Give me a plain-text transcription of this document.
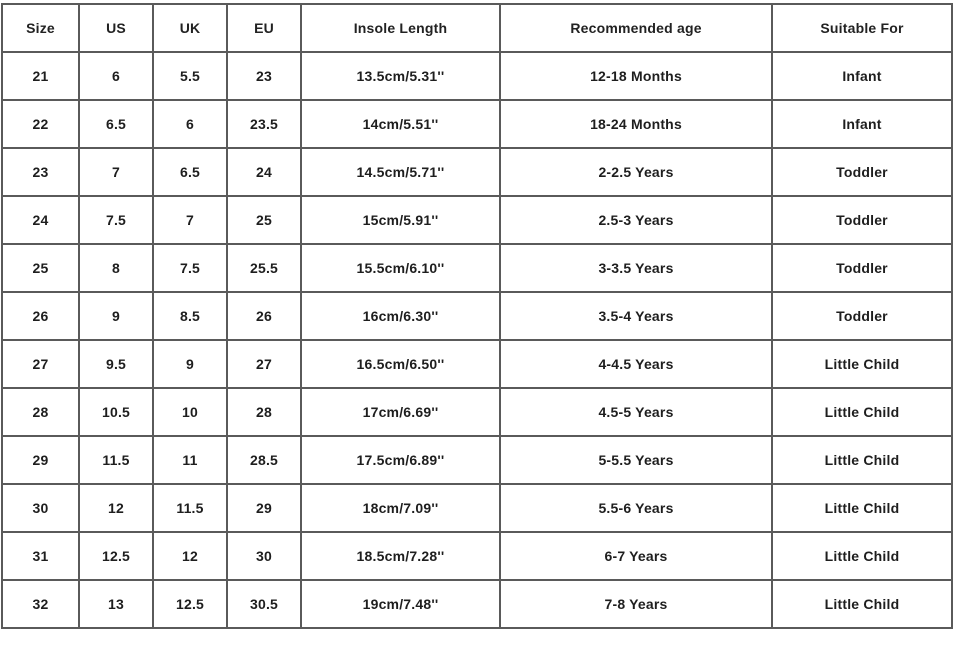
Size	US	UK	EU	Insole Length	Recommended age	Suitable For
21	6	5.5	23	13.5cm/5.31''	12-18 Months	Infant
22	6.5	6	23.5	14cm/5.51''	18-24 Months	Infant
23	7	6.5	24	14.5cm/5.71''	2-2.5 Years	Toddler
24	7.5	7	25	15cm/5.91''	2.5-3 Years	Toddler
25	8	7.5	25.5	15.5cm/6.10''	3-3.5 Years	Toddler
26	9	8.5	26	16cm/6.30''	3.5-4 Years	Toddler
27	9.5	9	27	16.5cm/6.50''	4-4.5 Years	Little Child
28	10.5	10	28	17cm/6.69''	4.5-5 Years	Little Child
29	11.5	11	28.5	17.5cm/6.89''	5-5.5 Years	Little Child
30	12	11.5	29	18cm/7.09''	5.5-6 Years	Little Child
31	12.5	12	30	18.5cm/7.28''	6-7 Years	Little Child
32	13	12.5	30.5	19cm/7.48''	7-8 Years	Little Child
